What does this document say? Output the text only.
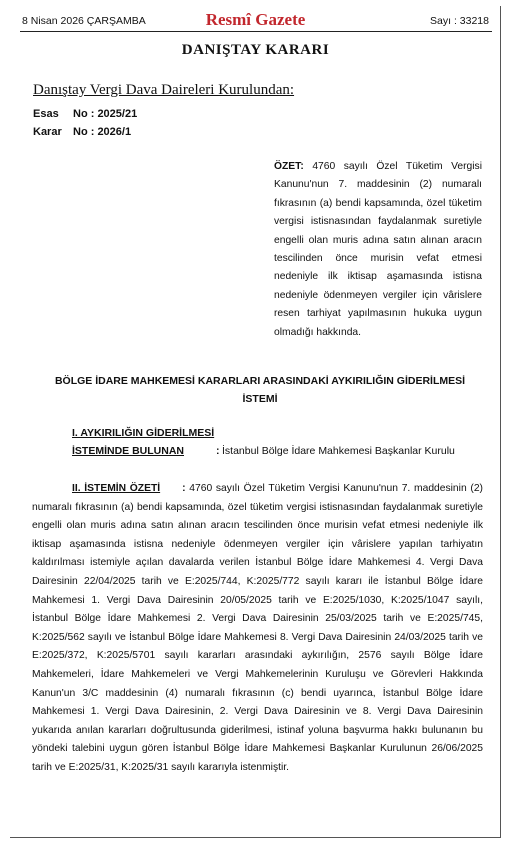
8 Nisan 2026 ÇARŞAMBA	Resmî Gazete	Sayı : 33218
DANIŞTAY KARARI
Danıştay Vergi Dava Daireleri Kurulundan:
Esas No : 2025/21
Karar No : 2026/1
ÖZET: 4760 sayılı Özel Tüketim Vergisi Kanunu'nun 7. maddesinin (2) numaralı fıkrasının (a) bendi kapsamında, özel tüketim vergisi istisnasından faydalanmak suretiyle engelli olan muris adına satın alınan aracın tescilinden önce murisin vefat etmesi nedeniyle ilk iktisap aşamasında istisna nedeniyle ödenmeyen vergiler için vârislere resen tarhiyat yapılmasının hukuka uygun olmadığı hakkında.
BÖLGE İDARE MAHKEMESİ KARARLARI ARASINDAKİ AYKIRILIĞIN GİDERİLMESİ İSTEMİ
I. AYKIRILIĞIN GİDERİLMESİ
İSTEMİNDE BULUNAN	: İstanbul Bölge İdare Mahkemesi Başkanlar Kurulu
II. İSTEMİN ÖZETİ : 4760 sayılı Özel Tüketim Vergisi Kanunu'nun 7. maddesinin (2) numaralı fıkrasının (a) bendi kapsamında, özel tüketim vergisi istisnasından faydalanmak suretiyle engelli olan muris adına satın alınan aracın tescilinden önce murisin vefat etmesi nedeniyle ilk iktisap aşamasında istisna nedeniyle ödenmeyen vergiler için vârislere yapılan tarhiyatın kaldırılması istemiyle açılan davalarda verilen İstanbul Bölge İdare Mahkemesi 4. Vergi Dava Dairesinin 22/04/2025 tarih ve E:2025/744, K:2025/772 sayılı kararı ile İstanbul Bölge İdare Mahkemesi 1. Vergi Dava Dairesinin 20/05/2025 tarih ve E:2025/1030, K:2025/1047 sayılı, İstanbul Bölge İdare Mahkemesi 2. Vergi Dava Dairesinin 25/03/2025 tarih ve E:2025/745, K:2025/562 sayılı ve İstanbul Bölge İdare Mahkemesi 8. Vergi Dava Dairesinin 24/03/2025 tarih ve E:2025/372, K:2025/5701 sayılı kararları arasındaki aykırılığın, 2576 sayılı Bölge İdare Mahkemeleri, İdare Mahkemeleri ve Vergi Mahkemelerinin Kuruluşu ve Görevleri Hakkında Kanun'un 3/C maddesinin (4) numaralı fıkrasının (c) bendi uyarınca, İstanbul Bölge İdare Mahkemesi 1. Vergi Dava Dairesinin, 2. Vergi Dava Dairesinin ve 8. Vergi Dava Dairesinin yukarıda anılan kararları doğrultusunda giderilmesi, istinaf yoluna başvurma hakkı bulunanın bu yöndeki talebini uygun gören İstanbul Bölge İdare Mahkemesi Başkanlar Kurulunun 26/06/2025 tarih ve E:2025/31, K:2025/31 sayılı kararıyla istenmiştir.
